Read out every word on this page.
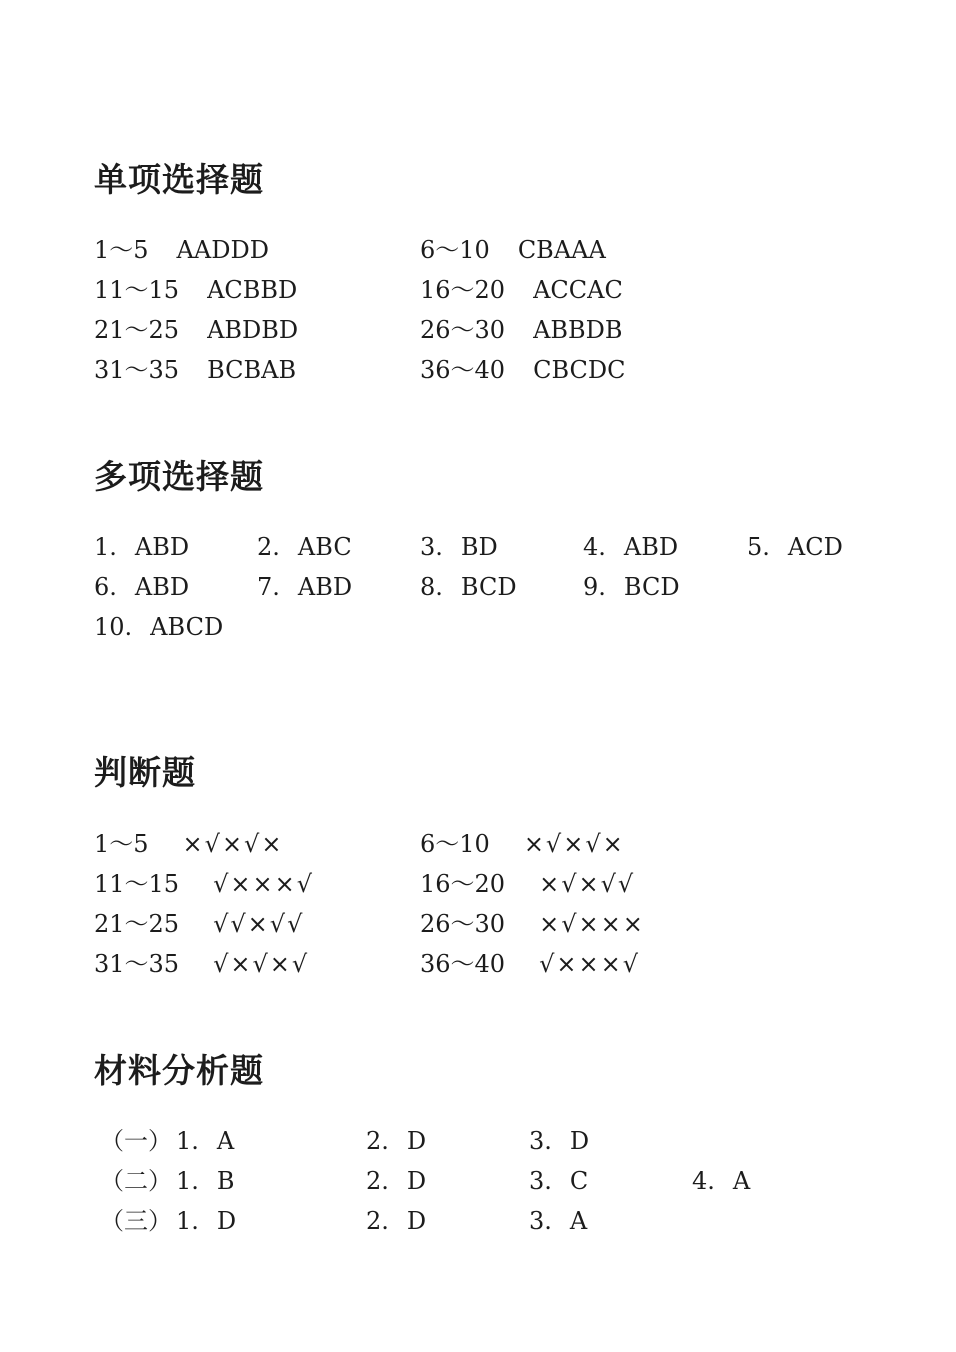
单项选择题
1～5 AADDD	6～10 CBAAA
11～15 ACBBD	16～20 ACCAC
21～25 ABDBD	26～30 ABBDB
31～35 BCBAB	36～40 CBCDC
多项选择题
1. ABD	2. ABC	3. BD	4. ABD	5. ACD
6. ABD	7. ABD	8. BCD	9. BCD
10. ABCD
判断题
1～5 ×√×√×	6～10 ×√×√×
11～15 √×××√	16～20 ×√×√√
21～25 √√×√√	26～30 ×√×××
31～35 √×√×√	36～40 √×××√
材料分析题
（一） 1. A	2. D	3. D
（二） 1. B	2. D	3. C	4. A
（三） 1. D	2. D	3. A
